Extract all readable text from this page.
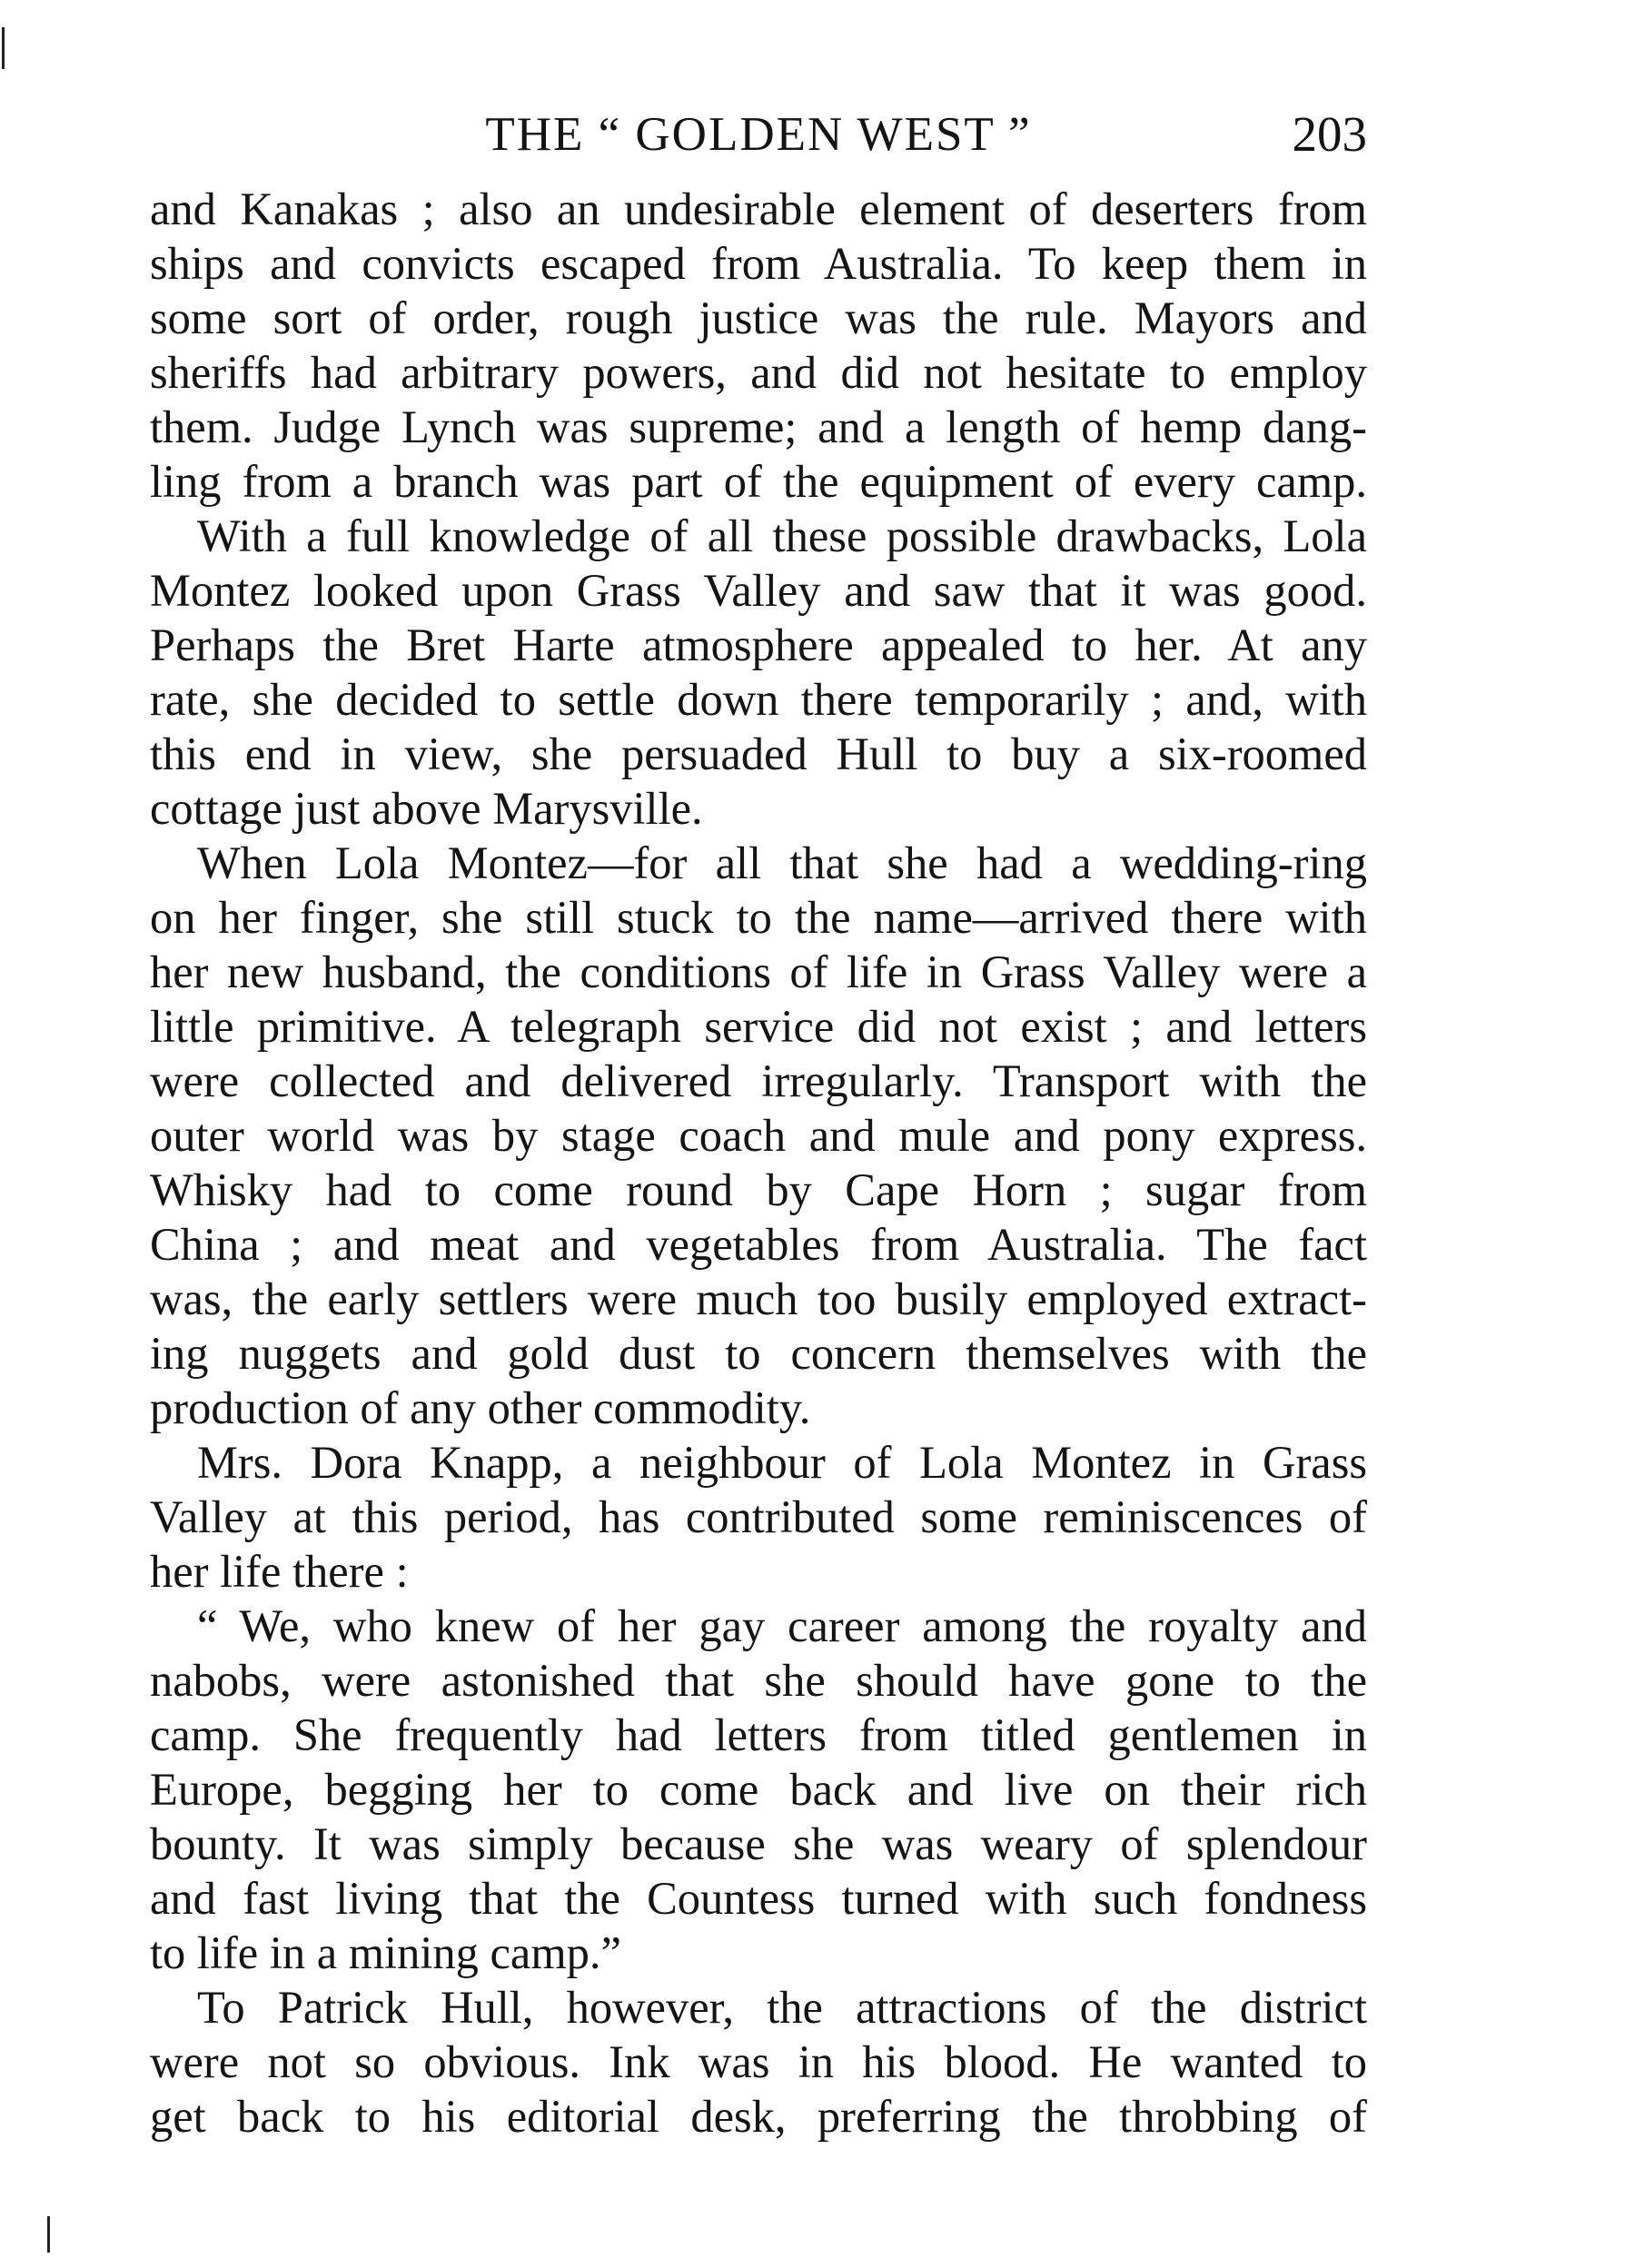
THE “ GOLDEN WEST ”	203
and Kanakas ; also an undesirable element of deserters from
ships and convicts escaped from Australia. To keep them in
some sort of order, rough justice was the rule. Mayors and
sheriffs had arbitrary powers, and did not hesitate to employ
them. Judge Lynch was supreme; and a length of hemp dang-
ling from a branch was part of the equipment of every camp.
With a full knowledge of all these possible drawbacks, Lola
Montez looked upon Grass Valley and saw that it was good.
Perhaps the Bret Harte atmosphere appealed to her. At any
rate, she decided to settle down there temporarily ; and, with
this end in view, she persuaded Hull to buy a six-roomed
cottage just above Marysville.
When Lola Montez—for all that she had a wedding-ring
on her finger, she still stuck to the name—arrived there with
her new husband, the conditions of life in Grass Valley were a
little primitive. A telegraph service did not exist ; and letters
were collected and delivered irregularly. Transport with the
outer world was by stage coach and mule and pony express.
Whisky had to come round by Cape Horn ; sugar from
China ; and meat and vegetables from Australia. The fact
was, the early settlers were much too busily employed extract-
ing nuggets and gold dust to concern themselves with the
production of any other commodity.
Mrs. Dora Knapp, a neighbour of Lola Montez in Grass
Valley at this period, has contributed some reminiscences of
her life there :
“ We, who knew of her gay career among the royalty and
nabobs, were astonished that she should have gone to the
camp. She frequently had letters from titled gentlemen in
Europe, begging her to come back and live on their rich
bounty. It was simply because she was weary of splendour
and fast living that the Countess turned with such fondness
to life in a mining camp.”
To Patrick Hull, however, the attractions of the district
were not so obvious. Ink was in his blood. He wanted to
get back to his editorial desk, preferring the throbbing of
